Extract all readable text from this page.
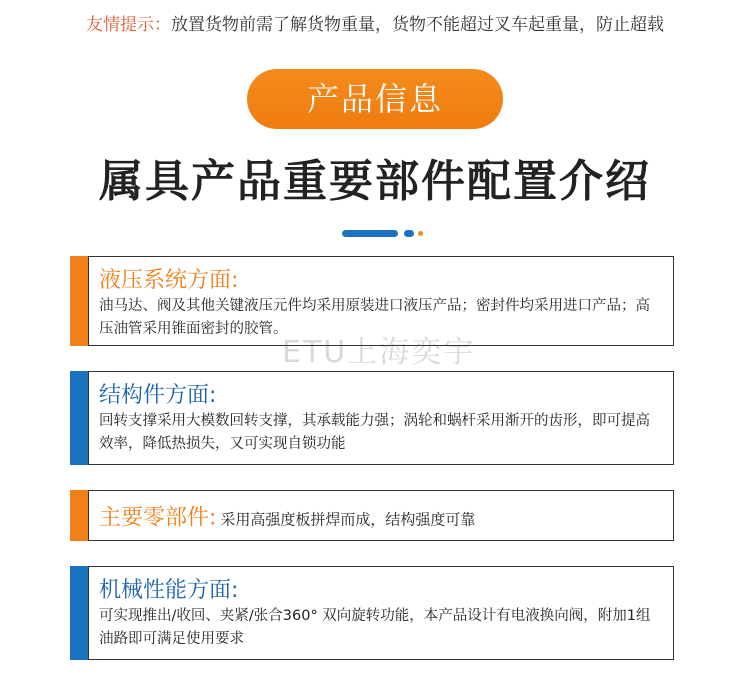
友情提示：放置货物前需了解货物重量，货物不能超过叉车起重量，防止超载
产品信息
属具产品重要部件配置介绍
液压系统方面:
油马达、阀及其他关键液压元件均采用原装进口液压产品；密封件均采用进口产品；高压油管采用锥面密封的胶管。
结构件方面:
回转支撑采用大模数回转支撑，其承载能力强；涡轮和蜗杆采用渐开的齿形，即可提高效率，降低热损失，又可实现自锁功能
主要零部件: 采用高强度板拼焊而成，结构强度可靠
机械性能方面:
可实现推出/收回、夹紧/张合360° 双向旋转功能，本产品设计有电液换向阀，附加1组油路即可满足使用要求
ETU上海奕宇
